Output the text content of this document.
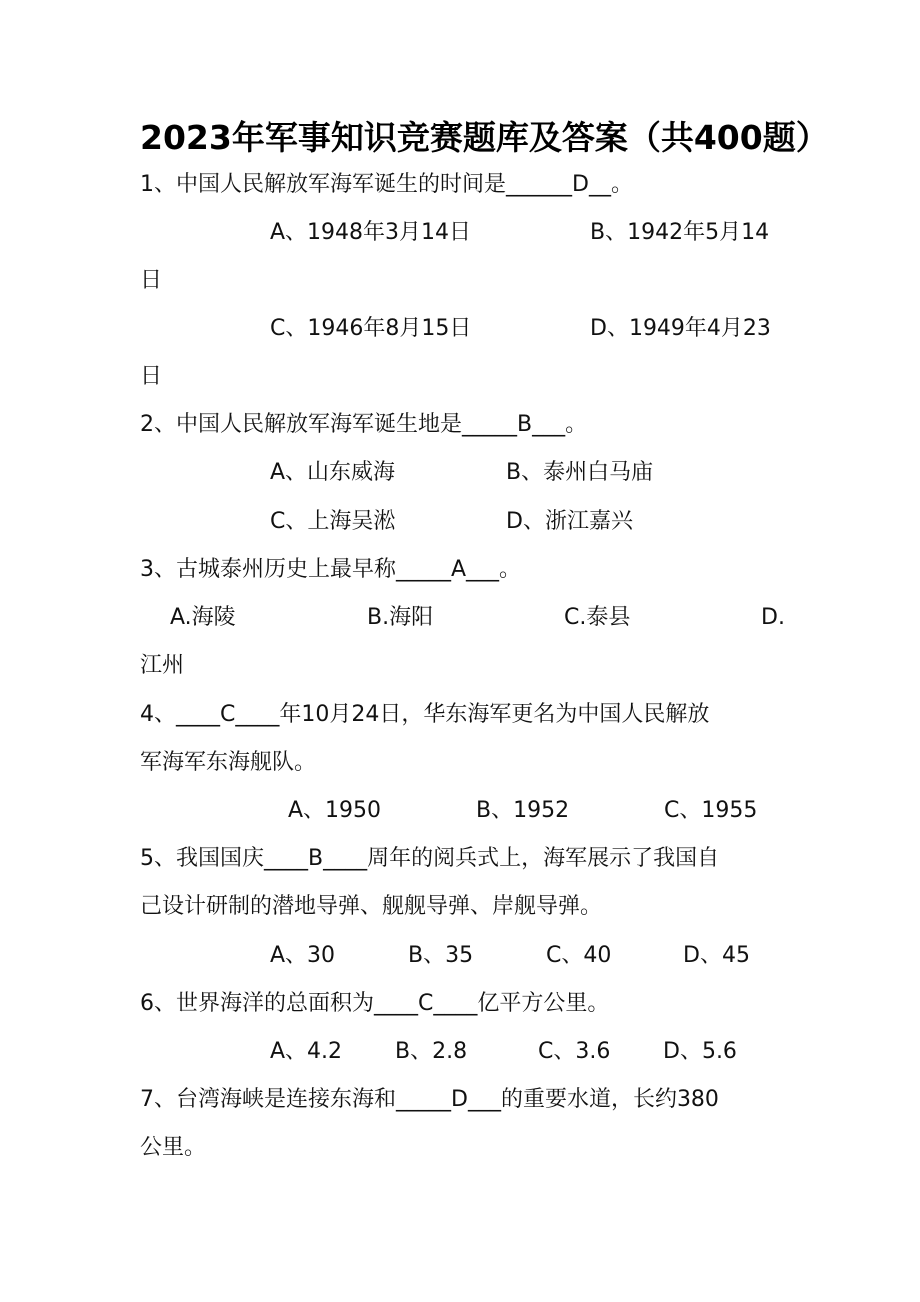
2023年军事知识竞赛题库及答案（共400题）
1、中国人民解放军海军诞生的时间是______D__。
A、1948年3月14日	B、1942年5月14
日
C、1946年8月15日	D、1949年4月23
日
2、中国人民解放军海军诞生地是_____B___。
A、山东威海	B、泰州白马庙
C、上海吴淞	D、浙江嘉兴
3、古城泰州历史上最早称_____A___。
A.海陵	B.海阳	C.泰县	D.
江州
4、____C____年10月24日，华东海军更名为中国人民解放
军海军东海舰队。
A、1950	B、1952	C、1955
5、我国国庆____B____周年的阅兵式上，海军展示了我国自
己设计研制的潜地导弹、舰舰导弹、岸舰导弹。
A、30	B、35	C、40	D、45
6、世界海洋的总面积为____C____亿平方公里。
A、4.2 B、2.8	C、3.6 D、5.6
7、台湾海峡是连接东海和_____D___的重要水道，长约380
公里。
